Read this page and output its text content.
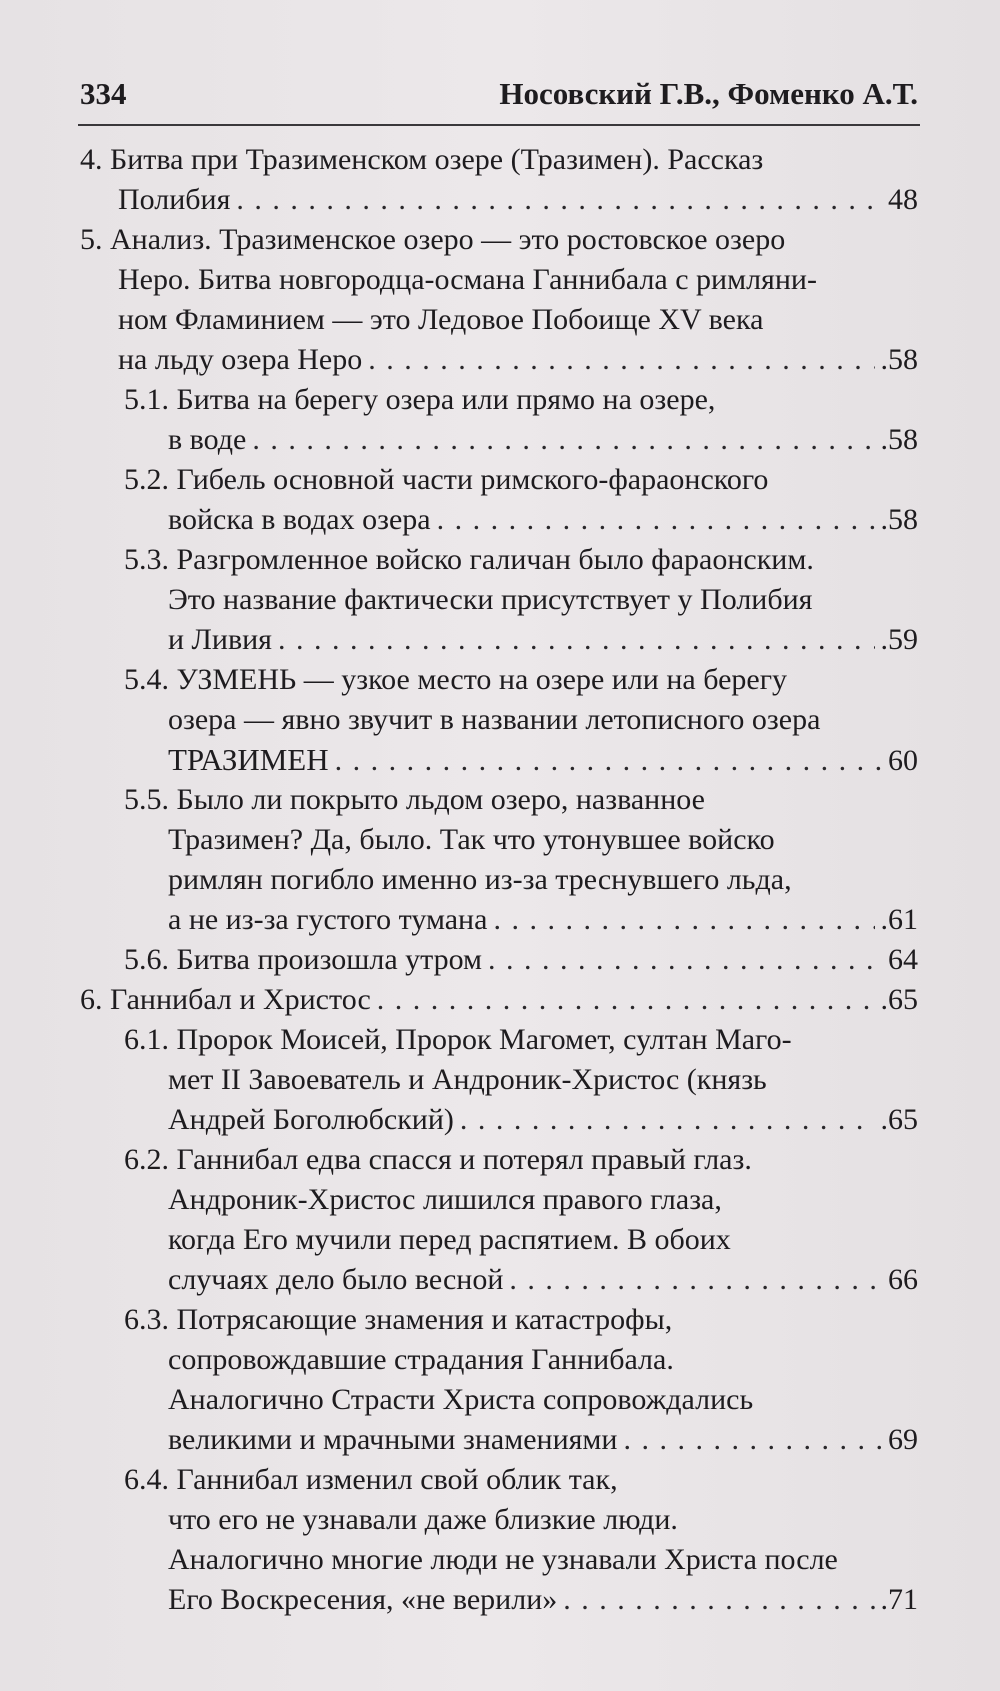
334	Носовский Г.В., Фоменко А.Т.
4. Битва при Тразименском озере (Тразимен). Рассказ
Полибия . . .	48
5. Анализ. Тразименское озеро — это ростовское озеро
Неро. Битва новгородца-османа Ганнибала с римляни-
ном Фламинием — это Ледовое Побоище XV века
на льду озера Неро . . .	.58
5.1. Битва на берегу озера или прямо на озере,
в воде . . .	.58
5.2. Гибель основной части римского-фараонского
войска в водах озера . . .	.58
5.3. Разгромленное войско галичан было фараонским.
Это название фактически присутствует у Полибия
и Ливия . . .	.59
5.4. УЗМЕНЬ — узкое место на озере или на берегу
озера — явно звучит в названии летописного озера
ТРАЗИМЕН . . .	60
5.5. Было ли покрыто льдом озеро, названное
Тразимен? Да, было. Так что утонувшее войско
римлян погибло именно из-за треснувшего льда,
а не из-за густого тумана . . .	.61
5.6. Битва произошла утром . . .	64
6. Ганнибал и Христос . . .	.65
6.1. Пророк Моисей, Пророк Магомет, султан Маго-
мет II Завоеватель и Андроник-Христос (князь
Андрей Боголюбский) . . .	.65
6.2. Ганнибал едва спасся и потерял правый глаз.
Андроник-Христос лишился правого глаза,
когда Его мучили перед распятием. В обоих
случаях дело было весной . . .	66
6.3. Потрясающие знамения и катастрофы,
сопровождавшие страдания Ганнибала.
Аналогично Страсти Христа сопровождались
великими и мрачными знамениями . . .	69
6.4. Ганнибал изменил свой облик так,
что его не узнавали даже близкие люди.
Аналогично многие люди не узнавали Христа после
Его Воскресения, «не верили» . . .	.71
